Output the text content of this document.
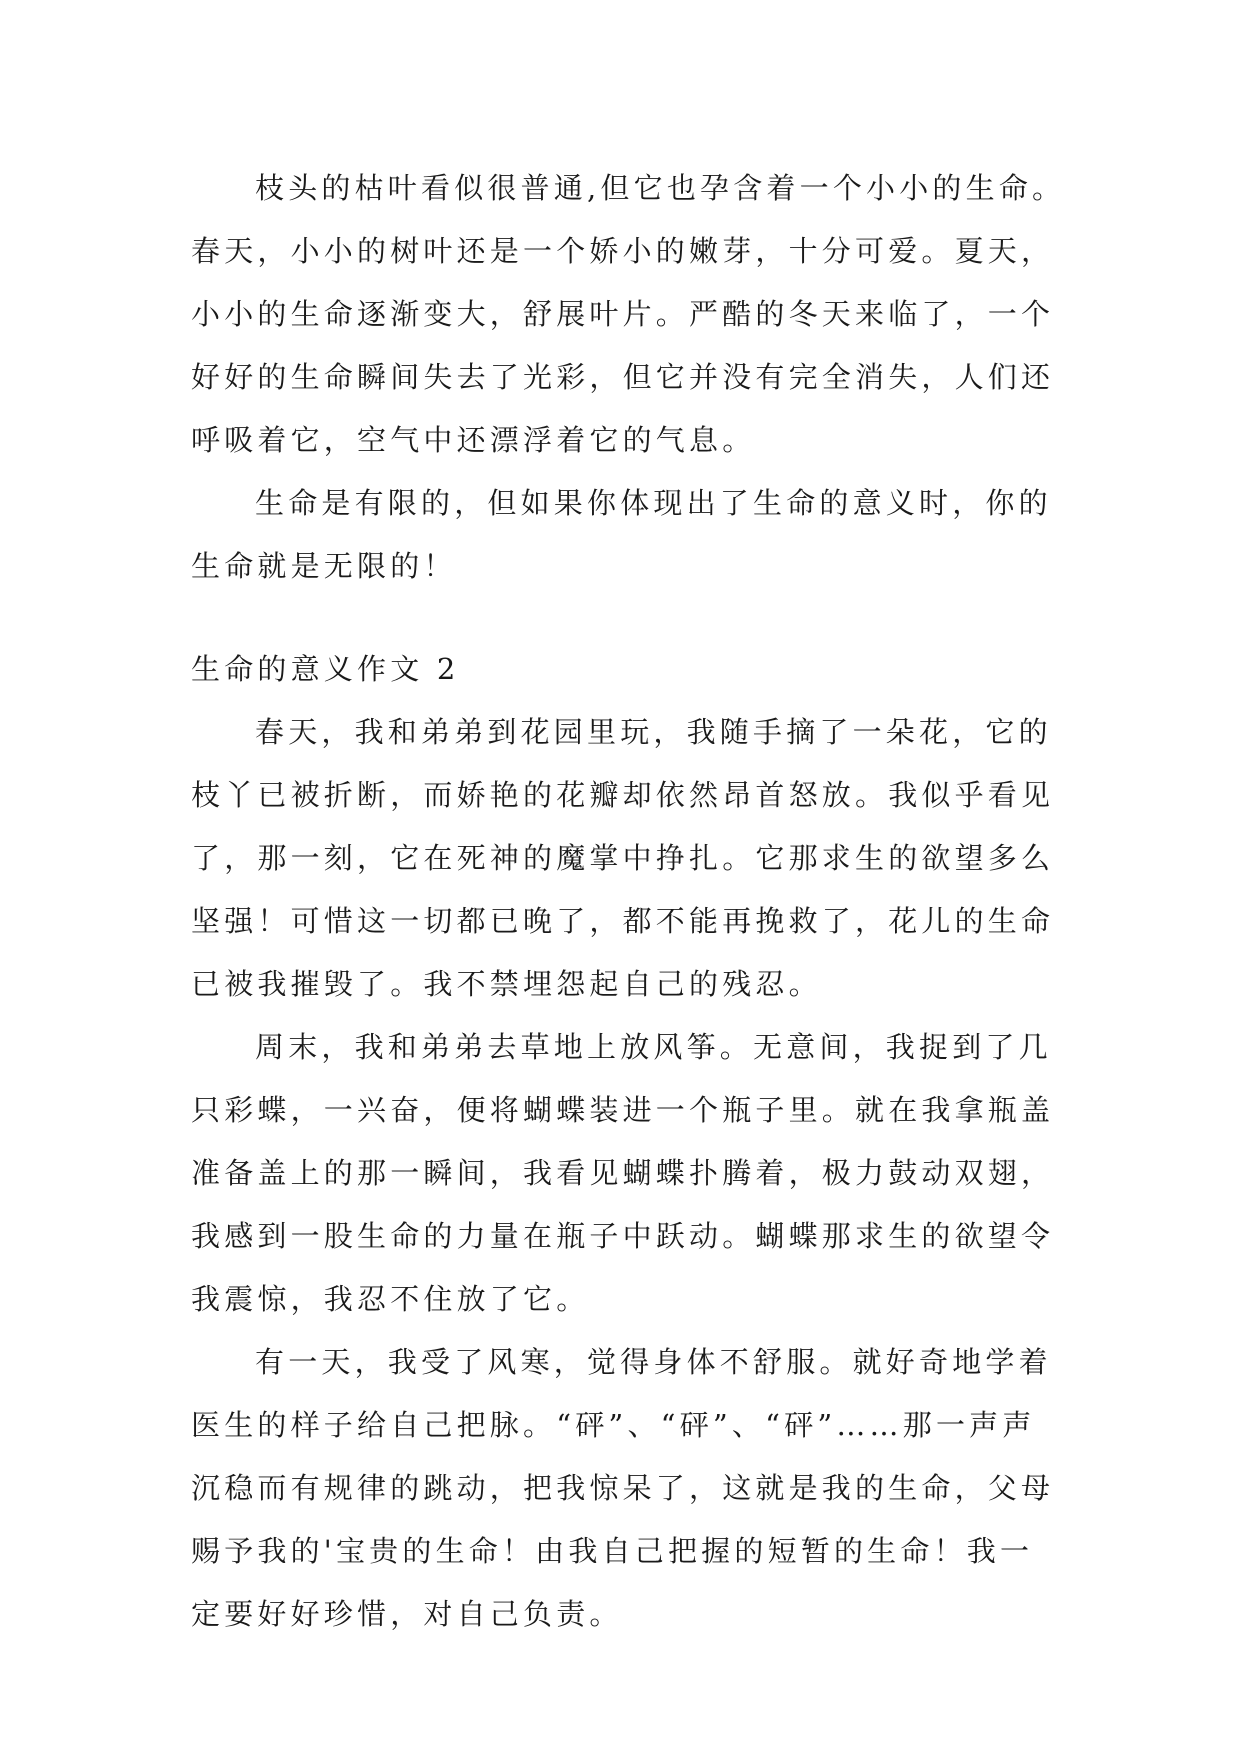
枝头的枯叶看似很普通,但它也孕含着一个小小的生命。
春天，小小的树叶还是一个娇小的嫩芽，十分可爱。夏天，
小小的生命逐渐变大，舒展叶片。严酷的冬天来临了，一个
好好的生命瞬间失去了光彩，但它并没有完全消失，人们还
呼吸着它，空气中还漂浮着它的气息。
生命是有限的，但如果你体现出了生命的意义时，你的
生命就是无限的！
生命的意义作文 2
春天，我和弟弟到花园里玩，我随手摘了一朵花，它的
枝丫已被折断，而娇艳的花瓣却依然昂首怒放。我似乎看见
了，那一刻，它在死神的魔掌中挣扎。它那求生的欲望多么
坚强！可惜这一切都已晚了，都不能再挽救了，花儿的生命
已被我摧毁了。我不禁埋怨起自己的残忍。
周末，我和弟弟去草地上放风筝。无意间，我捉到了几
只彩蝶，一兴奋，便将蝴蝶装进一个瓶子里。就在我拿瓶盖
准备盖上的那一瞬间，我看见蝴蝶扑腾着，极力鼓动双翅，
我感到一股生命的力量在瓶子中跃动。蝴蝶那求生的欲望令
我震惊，我忍不住放了它。
有一天，我受了风寒，觉得身体不舒服。就好奇地学着
医生的样子给自己把脉。“砰”、“砰”、“砰”……那一声声
沉稳而有规律的跳动，把我惊呆了，这就是我的生命，父母
赐予我的'宝贵的生命！由我自己把握的短暂的生命！我一
定要好好珍惜，对自己负责。
